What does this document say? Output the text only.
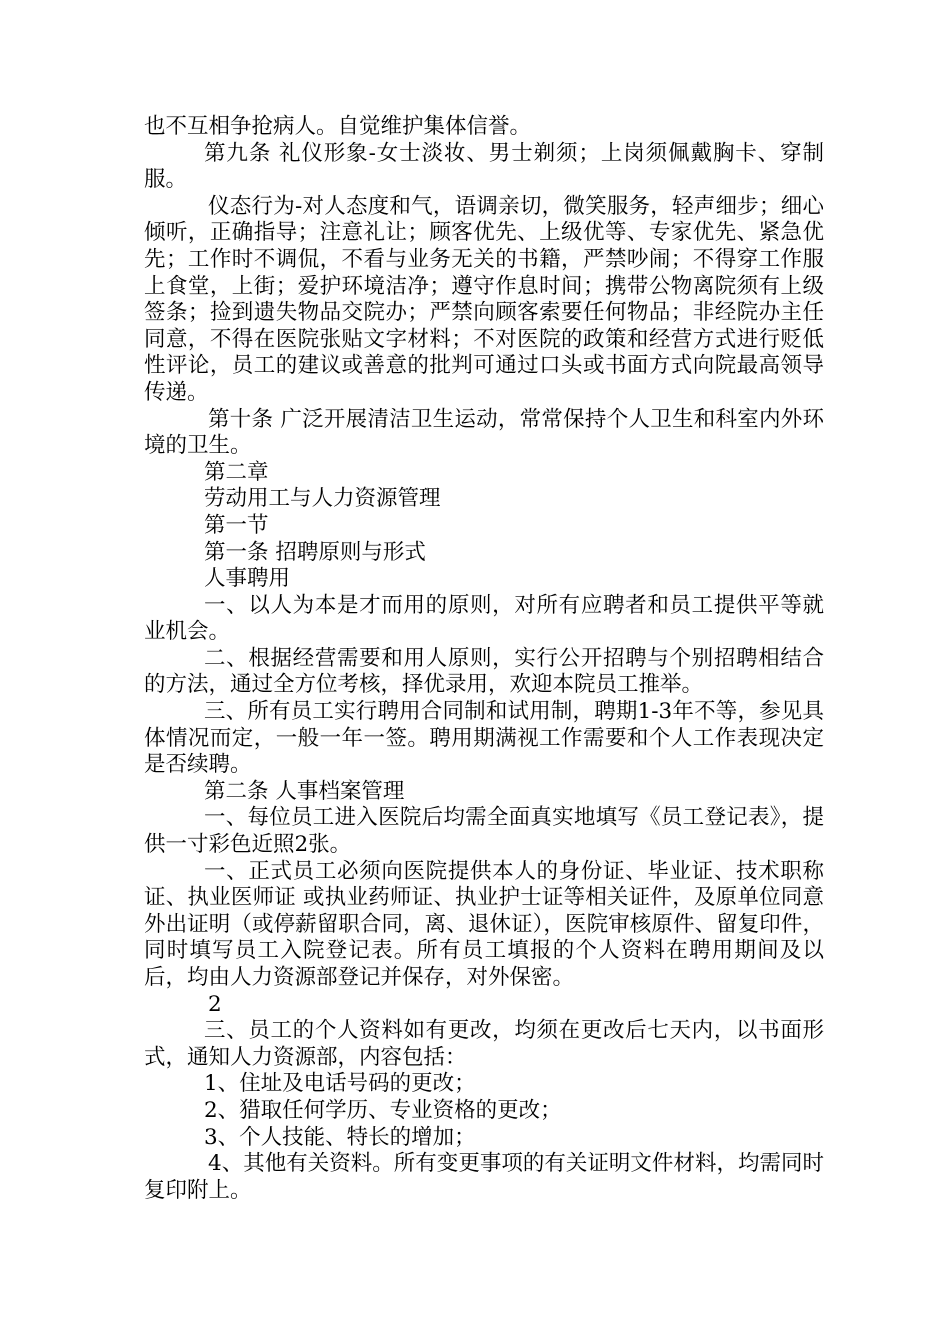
也不互相争抢病人。自觉维护集体信誉。

第九条 礼仪形象-女士淡妆、男士剃须；上岗须佩戴胸卡、穿制服。

仪态行为-对人态度和气，语调亲切，微笑服务，轻声细步；细心倾听，正确指导；注意礼让；顾客优先、上级优等、专家优先、紧急优先；工作时不调侃，不看与业务无关的书籍，严禁吵闹；不得穿工作服上食堂，上街；爱护环境洁净；遵守作息时间；携带公物离院须有上级签条；捡到遗失物品交院办；严禁向顾客索要任何物品；非经院办主任同意，不得在医院张贴文字材料；不对医院的政策和经营方式进行贬低性评论，员工的建议或善意的批判可通过口头或书面方式向院最高领导传递。

第十条 广泛开展清洁卫生运动，常常保持个人卫生和科室内外环境的卫生。

第二章

劳动用工与人力资源管理

第一节

第一条 招聘原则与形式

人事聘用

一、以人为本是才而用的原则，对所有应聘者和员工提供平等就业机会。

二、根据经营需要和用人原则，实行公开招聘与个别招聘相结合的方法，通过全方位考核，择优录用，欢迎本院员工推举。

三、所有员工实行聘用合同制和试用制，聘期1-3年不等，参见具体情况而定，一般一年一签。聘用期满视工作需要和个人工作表现决定是否续聘。

第二条 人事档案管理

一、每位员工进入医院后均需全面真实地填写《员工登记表》，提供一寸彩色近照2张。

一、正式员工必须向医院提供本人的身份证、毕业证、技术职称证、执业医师证 或执业药师证、执业护士证等相关证件，及原单位同意外出证明（或停薪留职合同，离、退休证），医院审核原件、留复印件，同时填写员工入院登记表。所有员工填报的个人资料在聘用期间及以后，均由人力资源部登记并保存，对外保密。

2

三、员工的个人资料如有更改，均须在更改后七天内，以书面形式，通知人力资源部，内容包括：

1、住址及电话号码的更改；

2、猎取任何学历、专业资格的更改；

3、个人技能、特长的增加；

4、其他有关资料。所有变更事项的有关证明文件材料，均需同时复印附上。
